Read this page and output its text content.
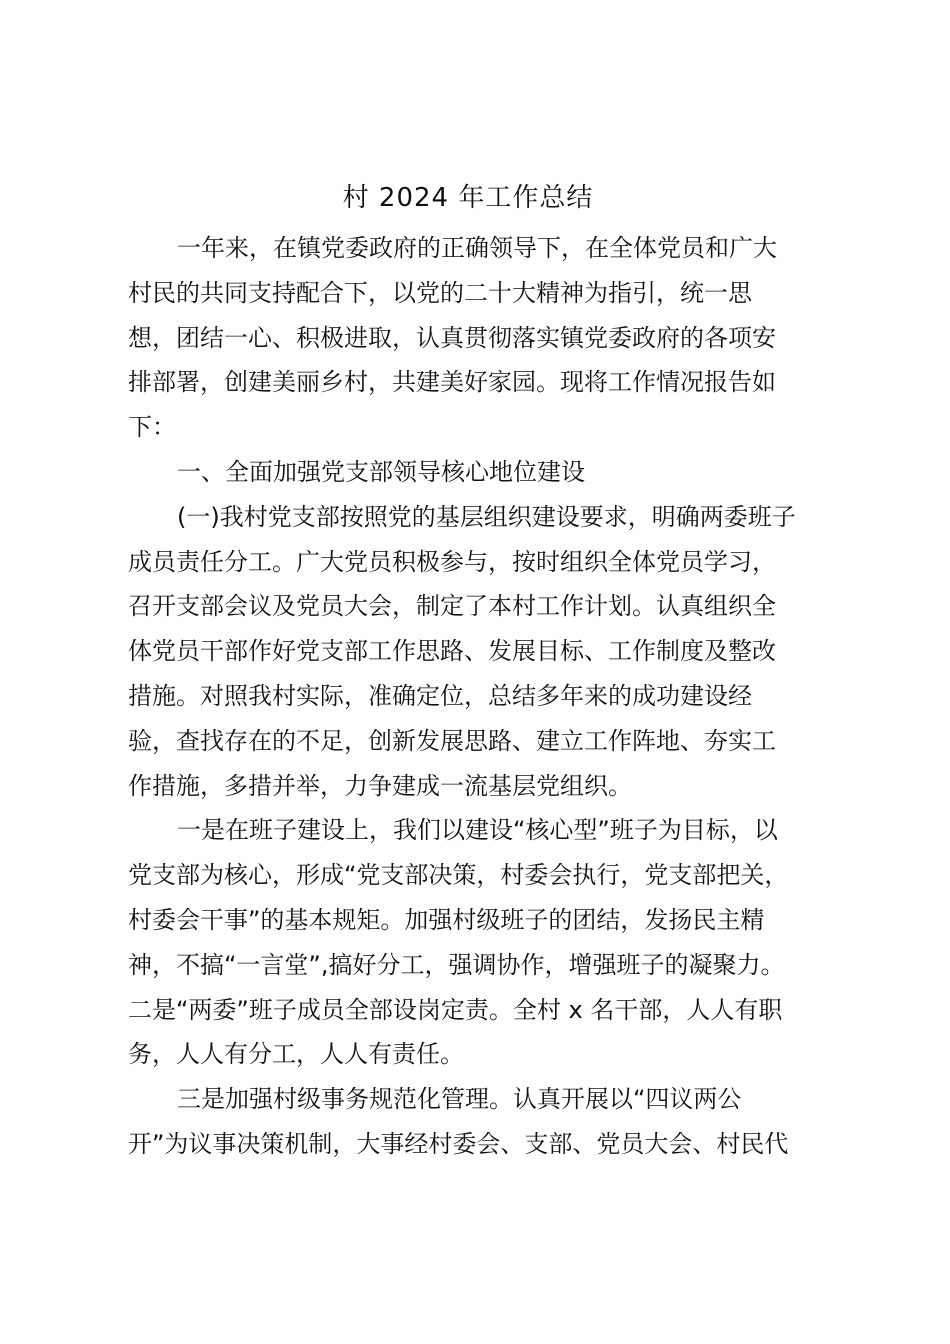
村 2024 年工作总结

一年来，在镇党委政府的正确领导下，在全体党员和广大

村民的共同支持配合下，以党的二十大精神为指引，统一思

想，团结一心、积极进取，认真贯彻落实镇党委政府的各项安

排部署，创建美丽乡村，共建美好家园。现将工作情况报告如

下：

一、全面加强党支部领导核心地位建设

(一)我村党支部按照党的基层组织建设要求，明确两委班子

成员责任分工。广大党员积极参与，按时组织全体党员学习，

召开支部会议及党员大会，制定了本村工作计划。认真组织全

体党员干部作好党支部工作思路、发展目标、工作制度及整改

措施。对照我村实际，准确定位，总结多年来的成功建设经

验，查找存在的不足，创新发展思路、建立工作阵地、夯实工

作措施，多措并举，力争建成一流基层党组织。

一是在班子建设上，我们以建设“核心型”班子为目标，以

党支部为核心，形成“党支部决策，村委会执行，党支部把关，

村委会干事”的基本规矩。加强村级班子的团结，发扬民主精

神，不搞“一言堂”,搞好分工，强调协作，增强班子的凝聚力。

二是“两委”班子成员全部设岗定责。全村 x 名干部，人人有职

务，人人有分工，人人有责任。

三是加强村级事务规范化管理。认真开展以“四议两公

开”为议事决策机制，大事经村委会、支部、党员大会、村民代
